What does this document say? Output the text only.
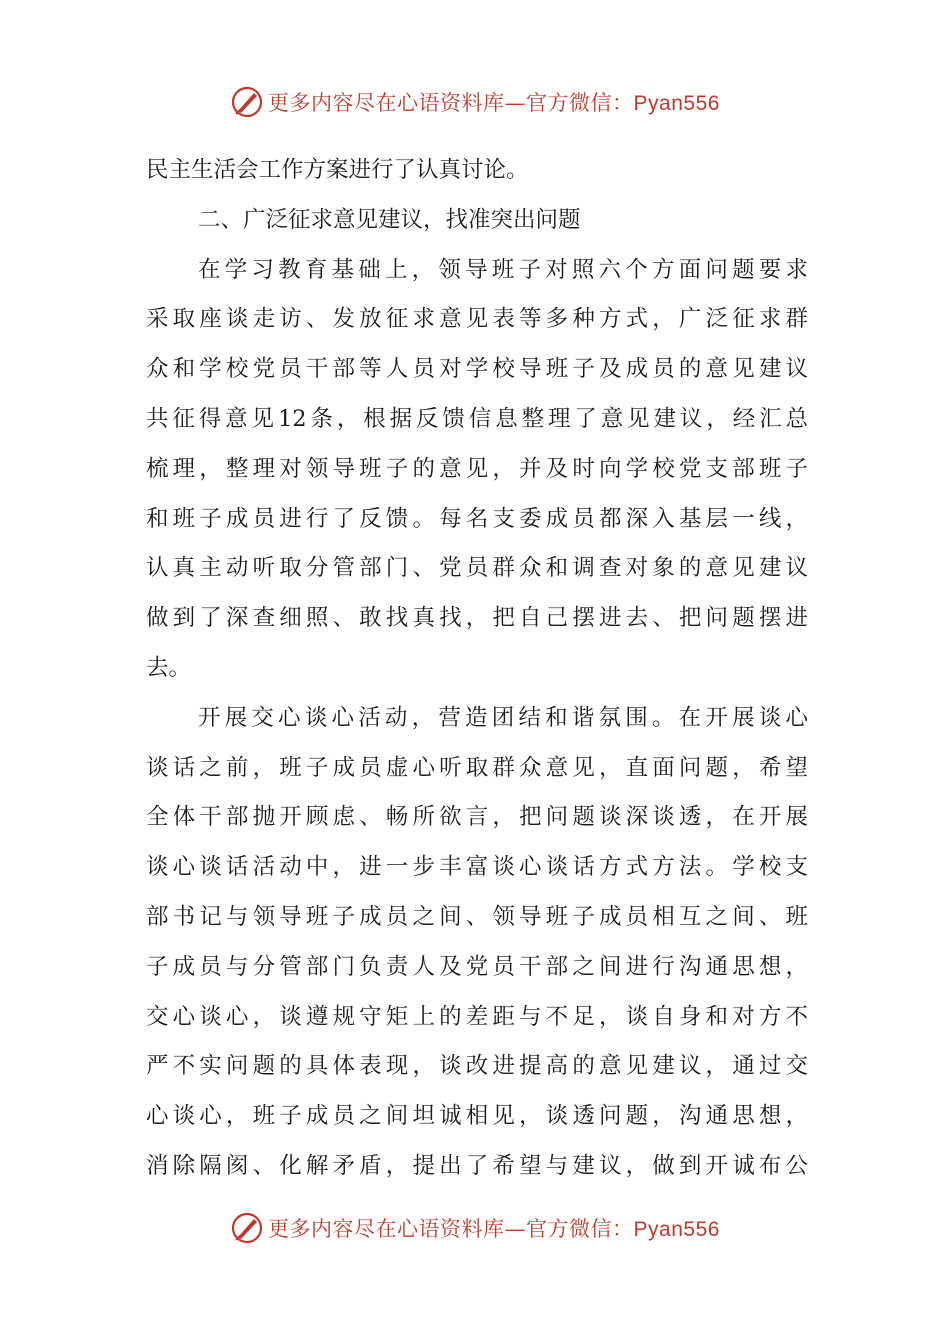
更多内容尽在心语资料库—官方微信：Pyan556
民主生活会工作方案进行了认真讨论。
二、广泛征求意见建议，找准突出问题
在学习教育基础上，领导班子对照六个方面问题要求
采取座谈走访、发放征求意见表等多种方式，广泛征求群
众和学校党员干部等人员对学校导班子及成员的意见建议
共征得意见12条，根据反馈信息整理了意见建议，经汇总
梳理，整理对领导班子的意见，并及时向学校党支部班子
和班子成员进行了反馈。每名支委成员都深入基层一线，
认真主动听取分管部门、党员群众和调查对象的意见建议
做到了深查细照、敢找真找，把自己摆进去、把问题摆进
去。
开展交心谈心活动，营造团结和谐氛围。在开展谈心
谈话之前，班子成员虚心听取群众意见，直面问题，希望
全体干部抛开顾虑、畅所欲言，把问题谈深谈透，在开展
谈心谈话活动中，进一步丰富谈心谈话方式方法。学校支
部书记与领导班子成员之间、领导班子成员相互之间、班
子成员与分管部门负责人及党员干部之间进行沟通思想，
交心谈心，谈遵规守矩上的差距与不足，谈自身和对方不
严不实问题的具体表现，谈改进提高的意见建议，通过交
心谈心，班子成员之间坦诚相见，谈透问题，沟通思想，
消除隔阂、化解矛盾，提出了希望与建议，做到开诚布公
更多内容尽在心语资料库—官方微信：Pyan556
